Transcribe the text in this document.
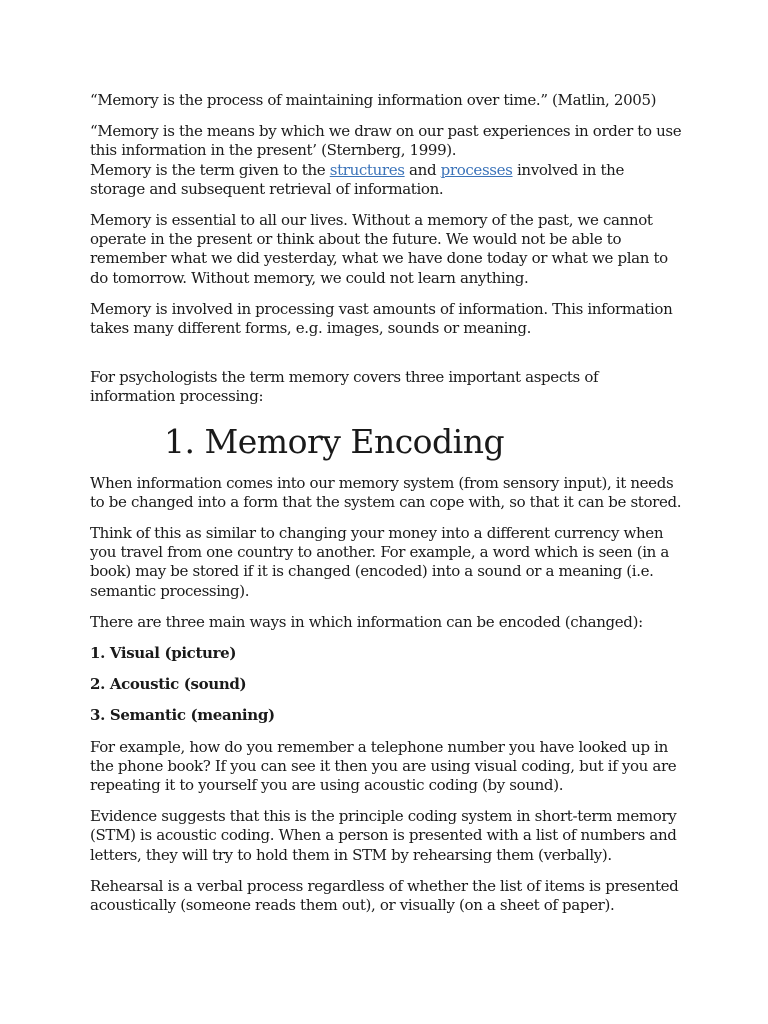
“Memory is the process of maintaining information over time.” (Matlin, 2005)

“Memory is the means by which we draw on our past experiences in order to use this information in the present’ (Sternberg, 1999).

Memory is the term given to the structures and processes involved in the storage and subsequent retrieval of information.

Memory is essential to all our lives. Without a memory of the past, we cannot operate in the present or think about the future. We would not be able to remember what we did yesterday, what we have done today or what we plan to do tomorrow. Without memory, we could not learn anything.

Memory is involved in processing vast amounts of information. This information takes many different forms, e.g. images, sounds or meaning.

For psychologists the term memory covers three important aspects of information processing:

1. Memory Encoding

When information comes into our memory system (from sensory input), it needs to be changed into a form that the system can cope with, so that it can be stored.

Think of this as similar to changing your money into a different currency when you travel from one country to another. For example, a word which is seen (in a book) may be stored if it is changed (encoded) into a sound or a meaning (i.e. semantic processing).

There are three main ways in which information can be encoded (changed):

1. Visual (picture)

2. Acoustic (sound)

3. Semantic (meaning)

For example, how do you remember a telephone number you have looked up in the phone book? If you can see it then you are using visual coding, but if you are repeating it to yourself you are using acoustic coding (by sound).

Evidence suggests that this is the principle coding system in short-term memory (STM) is acoustic coding. When a person is presented with a list of numbers and letters, they will try to hold them in STM by rehearsing them (verbally).

Rehearsal is a verbal process regardless of whether the list of items is presented acoustically (someone reads them out), or visually (on a sheet of paper).
